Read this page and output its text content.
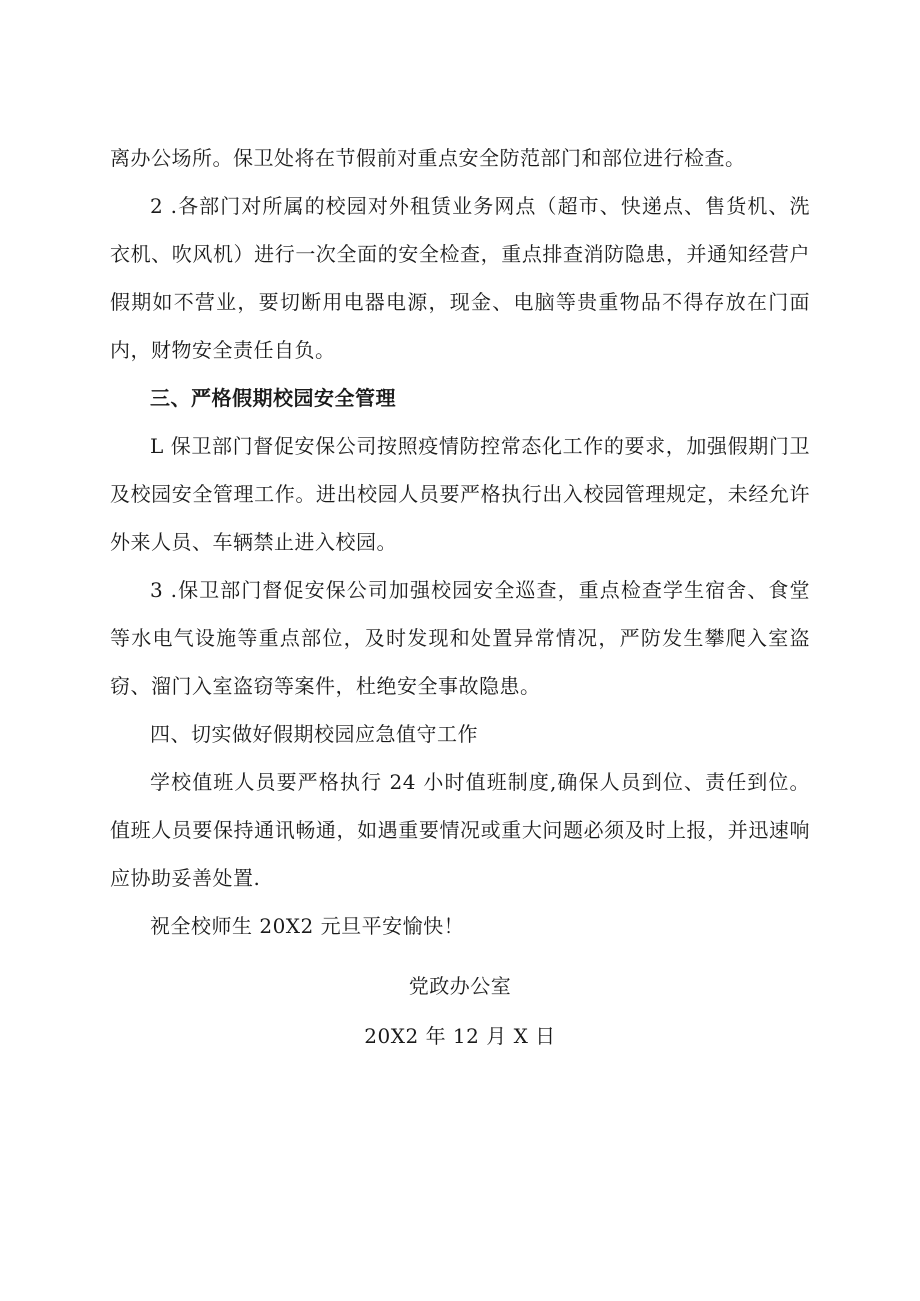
离办公场所。保卫处将在节假前对重点安全防范部门和部位进行检查。

2 .各部门对所属的校园对外租赁业务网点（超市、快递点、售货机、洗衣机、吹风机）进行一次全面的安全检查，重点排查消防隐患，并通知经营户假期如不营业，要切断用电器电源，现金、电脑等贵重物品不得存放在门面内，财物安全责任自负。

三、严格假期校园安全管理

L 保卫部门督促安保公司按照疫情防控常态化工作的要求，加强假期门卫及校园安全管理工作。进出校园人员要严格执行出入校园管理规定，未经允许外来人员、车辆禁止进入校园。

3 .保卫部门督促安保公司加强校园安全巡查，重点检查学生宿舍、食堂等水电气设施等重点部位，及时发现和处置异常情况，严防发生攀爬入室盗窃、溜门入室盗窃等案件，杜绝安全事故隐患。

四、切实做好假期校园应急值守工作

学校值班人员要严格执行 24 小时值班制度,确保人员到位、责任到位。值班人员要保持通讯畅通，如遇重要情况或重大问题必须及时上报，并迅速响应协助妥善处置.

祝全校师生 20X2 元旦平安愉快！

党政办公室
20X2 年 12 月 X 日
